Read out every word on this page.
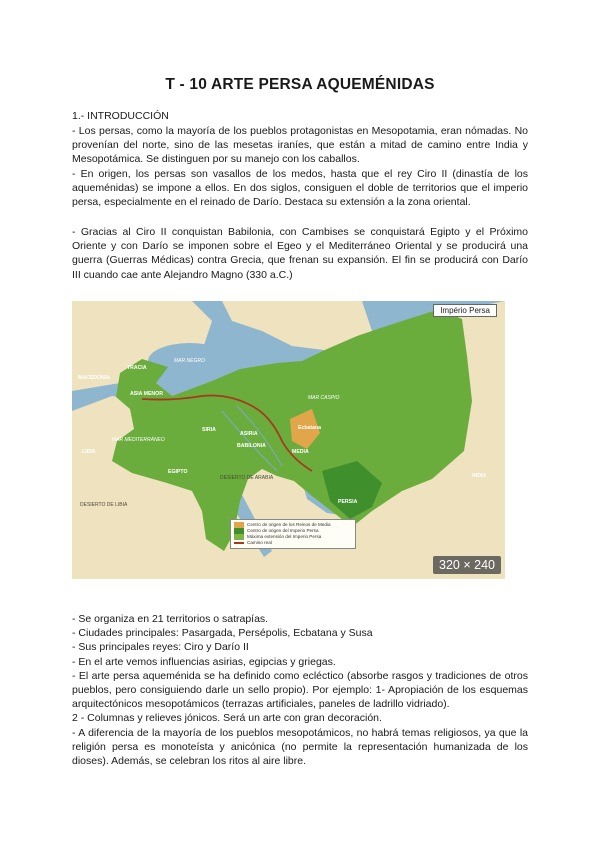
T - 10 ARTE PERSA AQUEMÉNIDAS
1.- INTRODUCCIÓN
- Los persas, como la mayoría de los pueblos protagonistas en Mesopotamia, eran nómadas. No provenían del norte, sino de las mesetas iraníes, que están a mitad de camino entre India y Mesopotámica. Se distinguen por su manejo con los caballos.
- En origen, los persas son vasallos de los medos, hasta que el rey Ciro II (dinastía de los aqueménidas) se impone a ellos. En dos siglos, consiguen el doble de territorios que el imperio persa, especialmente en el reinado de Darío. Destaca su extensión a la zona oriental.
- Gracias al Ciro II conquistan Babilonia, con Cambises se conquistará Egipto y el Próximo Oriente y con Darío se imponen sobre el Egeo y el Mediterráneo Oriental y se producirá una guerra (Guerras Médicas) contra Grecia, que frenan su expansión. El fin se producirá con Darío III cuando cae ante Alejandro Magno (330 a.C.)
TRACIA
MACEDONIA
ASIA MENOR
MAR NEGRO
MAR CASPIO
LIDIA
MAR MEDITERRÁNEO
SIRIA
ASIRIA
BABILONIA
MEDIA
Ecbatana
EGIPTO
DESIERTO DE LIBIA
DESIERTO DE ARABIA
PERSIA
INDIA
Império Persa
Centro de origen de los Reinos de Media
Centro de origen del Imperio Persa
Máxima extensión del Imperio Persa
Camino real
320 × 240
- Se organiza en 21 territorios o satrapías.
- Ciudades principales: Pasargada, Persépolis, Ecbatana y Susa
- Sus principales reyes: Ciro y Darío II
- En el arte vemos influencias asirias, egipcias y griegas.
- El arte persa aqueménida se ha definido como ecléctico (absorbe rasgos y tradiciones de otros pueblos, pero consiguiendo darle un sello propio). Por ejemplo: 1- Apropiación de los esquemas arquitectónicos mesopotámicos (terrazas artificiales, paneles de ladrillo vidriado).
2 - Columnas y relieves jónicos. Será un arte con gran decoración.
- A diferencia de la mayoría de los pueblos mesopotámicos, no habrá temas religiosos, ya que la religión persa es monoteísta y anicónica (no permite la representación humanizada de los dioses). Además, se celebran los ritos al aire libre.
